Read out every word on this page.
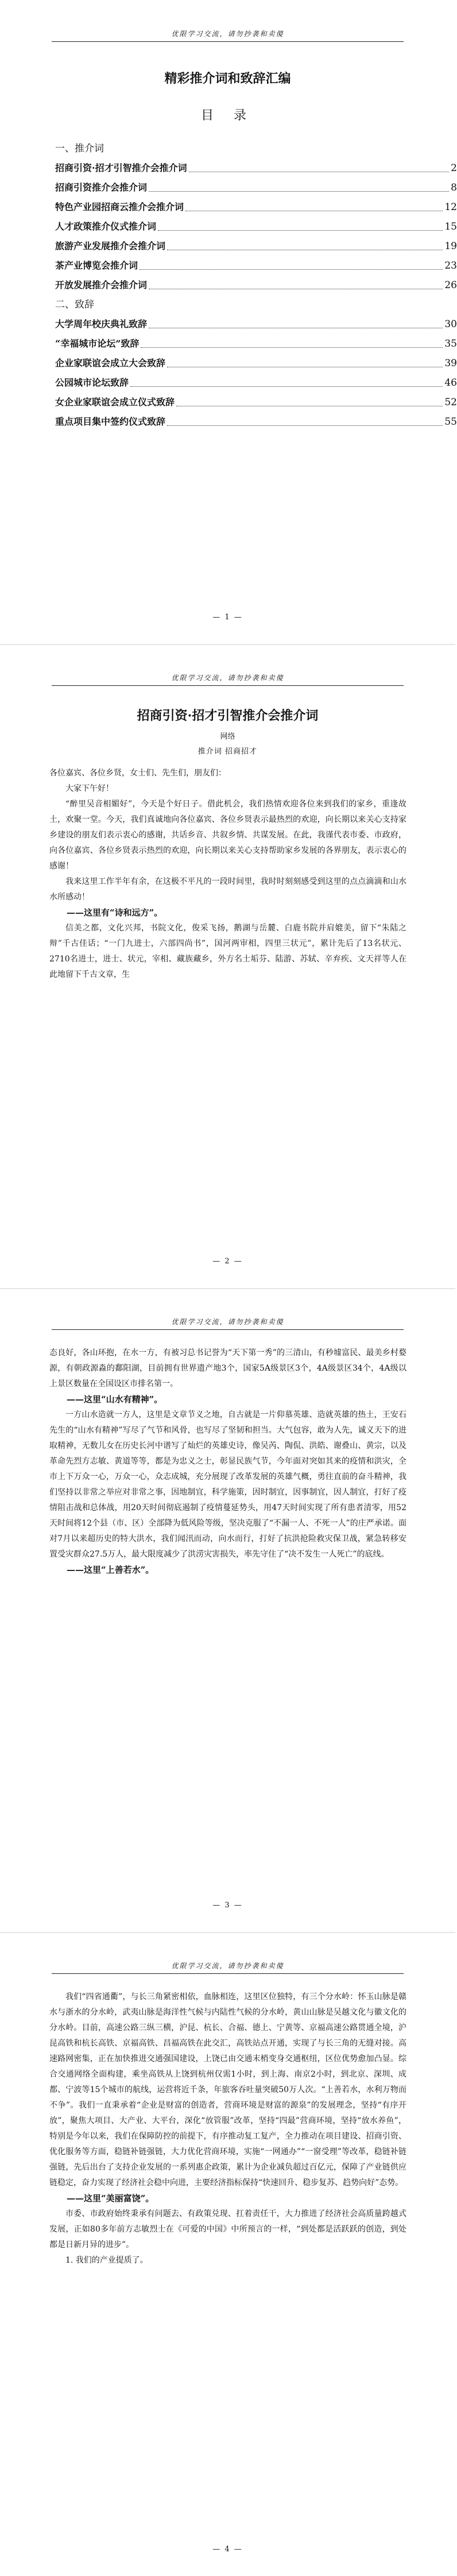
优限学习交流，请勿抄袭和卖傻
精彩推介词和致辞汇编
目 录
一、推介词
招商引资·招才引智推介会推介词	2
招商引资推介会推介词	8
特色产业园招商云推介会推介词	12
人才政策推介仪式推介词	15
旅游产业发展推介会推介词	19
茶产业博览会推介词	23
开放发展推介会推介词	26
二、致辞
大学周年校庆典礼致辞	30
“幸福城市论坛”致辞	35
企业家联谊会成立大会致辞	39
公园城市论坛致辞	46
女企业家联谊会成立仪式致辞	52
重点项目集中签约仪式致辞	55
— 1 —
优限学习交流，请勿抄袭和卖傻
招商引资·招才引智推介会推介词
网络
推介词 招商招才

各位嘉宾、各位乡贤，女士们、先生们，朋友们：

大家下午好！

“醉里吴音相媚好”，今天是个好日子。借此机会，我们热情欢迎各位来到我们的家乡，重逢故土，欢聚一堂。今天，我们真诚地向各位嘉宾、各位乡贤表示最热烈的欢迎，向长期以来关心支持家乡建设的朋友们表示衷心的感谢，共话乡音、共叙乡情、共谋发展。在此，我谨代表市委、市政府，向各位嘉宾、各位乡贤表示热烈的欢迎，向长期以来关心支持帮助家乡发展的各界朋友，表示衷心的感谢！

我来这里工作半年有余，在这极不平凡的一段时间里，我时时刻刻感受到这里的点点滴滴和山水水所感动！

——这里有“诗和远方”。

信美之都，文化兴邦，书院文化，俊采飞扬，鹅湖与岳麓、白鹿书院并肩媲美，留下“朱陆之辩”千古佳话；“一门九进士，六部四尚书”，国河两审相，四里三状元”，累计先后了13名状元、2710名进士，进士、状元，宰相、藏族藏乡，外方名士垢芬、陆游、苏轼、辛弃疾、文天祥等人在此地留下千古文章，生

— 2 —
优限学习交流，请勿抄袭和卖傻

态良好，各山环抱，在水一方，有被习总书记誉为“天下第一秀”的三清山，有秒墟富民、最美乡村婺源，有朝政源淼的鄱阳湖，目前拥有世界遗产地3个，国家5A级景区3个，4A级景区34个，4A级以上景区数量在全国设区市排名第一。

——这里“山水有精神”。

一方山水造就一方人，这里是文章节义之地，自古就是一片仰慕英雄、造就英雄的热土，王安石先生的“山水有精神”写尽了气节和风骨，也写尽了坚韧和担当。大气包容，敢为人先，诚义天下的进取精神，无数儿女在历史长河中谱写了灿烂的英雄史诗，像吴芮、陶侃、洪皓、谢叠山、黄宗，以及革命先烈方志敏、黄道等等，都是为忠义之士，彰显民族气节，今年面对突如其来的疫情和洪灾，全市上下万众一心，万众一心，众志成城，充分展现了改革发展的英雄气概，勇往直前的奋斗精神，我们坚持以非常之举应对非常之事，因地制宜，科学施策，因时制宜，因事制宜，因人制宜，打好了疫情阻击战和总体战，用20天时间彻底遏制了疫情蔓延势头，用47天时间实现了所有患者清零，用52天时间将12个县（市、区）全部降为低风险等级，坚决克服了“不漏一人、不死一人”的庄严承诺。面对7月以来超历史的特大洪水，我们闻汛而动，向水而行，打好了抗洪抢险救灾保卫战，紧急转移安置受灾群众27.5万人，最大限度减少了洪涝灾害损失，率先守住了“决不发生一人死亡”的底线。

——这里“上善若水”。

— 3 —
优限学习交流，请勿抄袭和卖傻

我们“四省通衢”，与长三角紧密相依，血脉相连，这里区位独特，有三个分水岭：怀玉山脉是赣水与浙水的分水岭，武夷山脉是海洋性气候与内陆性气候的分水岭，黄山山脉是吴越文化与徽文化的分水岭。目前，高速公路三纵三横，沪昆、杭长、合福、德上、宁黄等、京福高速公路贯通全境，沪昆高铁和杭长高铁、京福高铁、昌福高铁在此交汇，高铁站点开通，实现了与长三角的无缝对接。高速路网密集，正在加快推进交通强国建设，上饶已由交通末梢变身交通枢纽，区位优势愈加凸显。综合交通网络全面构建，乘坐高铁从上饶到杭州仅需1小时，到上海、南京2小时，到北京、深圳、成都、宁波等15个城市的航线，运营将近千条，年旅客吞吐量突破50万人次。“上善若水，水利万物而不争”。我们一直秉承着“企业是财富的创造者，营商环境是财富的源泉”的发展理念，坚持“有序开放”，聚焦大项目、大产业、大平台，深化“放管服”改革，坚持“四最”营商环境，坚持“放水养鱼”，特别是今年以来，我们在保障防控的前提下，有序推动复工复产，全力推动在项目建设、招商引资、优化服务等方面，稳链补链强链，大力优化营商环境，实施“一网通办”“一窗受理”等改革，稳链补链强链，先后出台了支持企业发展的一系列惠企政策，累计为企业减负超过百亿元，保障了产业链供应链稳定，奋力实现了经济社会稳中向进，主要经济指标保持“快速回升、稳步复苏、趋势向好”态势。

——这里“美丽富饶”。

市委、市政府始终秉承有问题去、有政策兑现、扛着责任干，大力推进了经济社会高质量跨越式发展，正如80多年前方志敏烈士在《可爱的中国》中所预言的一样，“到处都是活跃跃的创造，到处都是日新月异的进步”。

1. 我们的产业提质了。

— 4 —
